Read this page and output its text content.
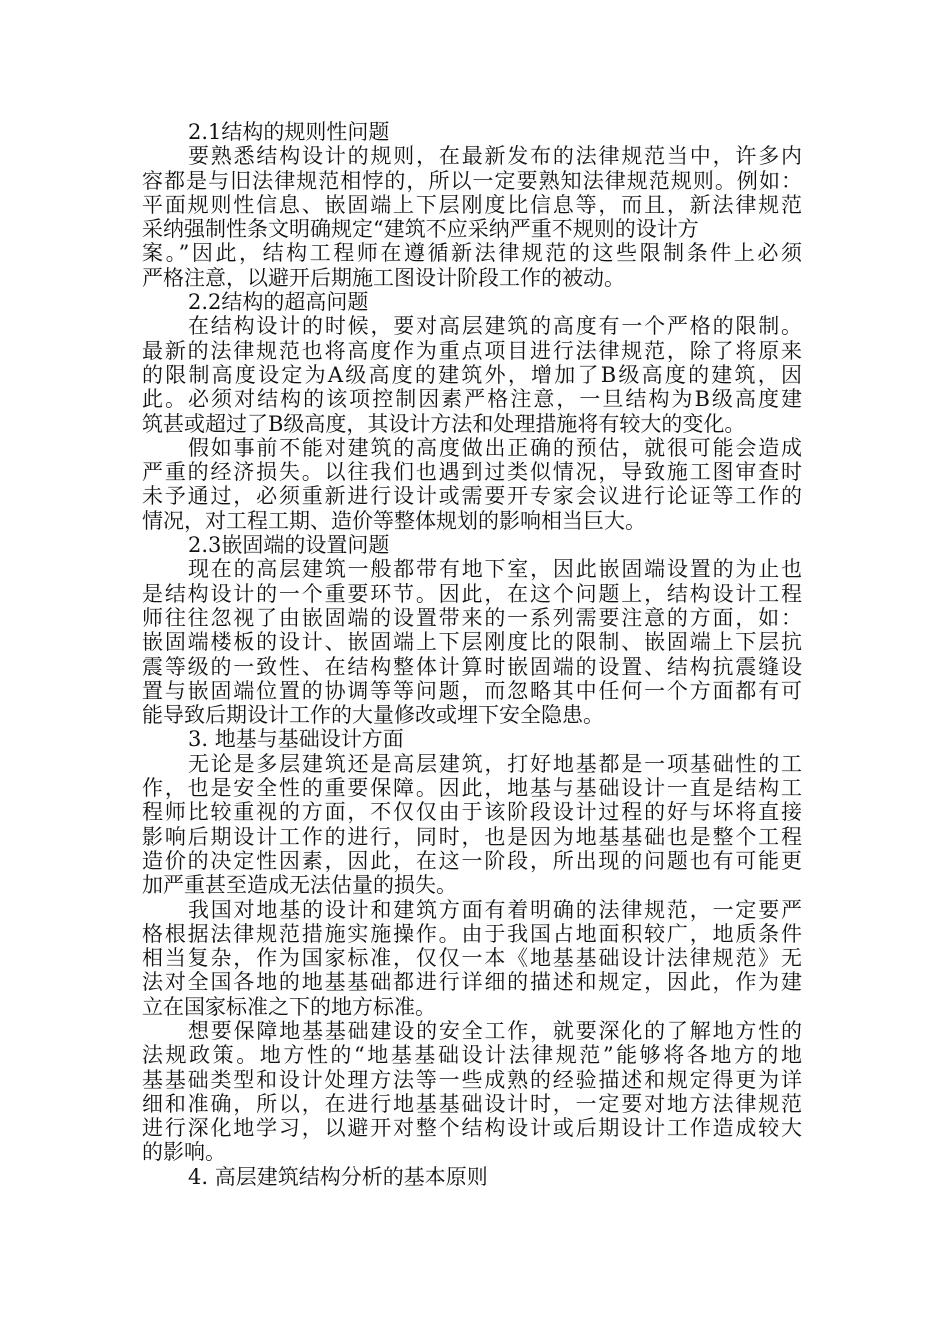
2.1结构的规则性问题
要熟悉结构设计的规则，在最新发布的法律规范当中，许多内
容都是与旧法律规范相悖的，所以一定要熟知法律规范规则。例如：
平面规则性信息、嵌固端上下层刚度比信息等，而且，新法律规范
采纳强制性条文明确规定“建筑不应采纳严重不规则的设计方
案。”因此，结构工程师在遵循新法律规范的这些限制条件上必须
严格注意，以避开后期施工图设计阶段工作的被动。
2.2结构的超高问题
在结构设计的时候，要对高层建筑的高度有一个严格的限制。
最新的法律规范也将高度作为重点项目进行法律规范，除了将原来
的限制高度设定为A级高度的建筑外，增加了B级高度的建筑，因
此。必须对结构的该项控制因素严格注意，一旦结构为B级高度建
筑甚或超过了B级高度，其设计方法和处理措施将有较大的变化。
假如事前不能对建筑的高度做出正确的预估，就很可能会造成
严重的经济损失。以往我们也遇到过类似情况，导致施工图审查时
未予通过，必须重新进行设计或需要开专家会议进行论证等工作的
情况，对工程工期、造价等整体规划的影响相当巨大。
2.3嵌固端的设置问题
现在的高层建筑一般都带有地下室，因此嵌固端设置的为止也
是结构设计的一个重要环节。因此，在这个问题上，结构设计工程
师往往忽视了由嵌固端的设置带来的一系列需要注意的方面，如：
嵌固端楼板的设计、嵌固端上下层刚度比的限制、嵌固端上下层抗
震等级的一致性、在结构整体计算时嵌固端的设置、结构抗震缝设
置与嵌固端位置的协调等等问题，而忽略其中任何一个方面都有可
能导致后期设计工作的大量修改或埋下安全隐患。
3. 地基与基础设计方面
无论是多层建筑还是高层建筑，打好地基都是一项基础性的工
作，也是安全性的重要保障。因此，地基与基础设计一直是结构工
程师比较重视的方面，不仅仅由于该阶段设计过程的好与坏将直接
影响后期设计工作的进行，同时，也是因为地基基础也是整个工程
造价的决定性因素，因此，在这一阶段，所出现的问题也有可能更
加严重甚至造成无法估量的损失。
我国对地基的设计和建筑方面有着明确的法律规范，一定要严
格根据法律规范措施实施操作。由于我国占地面积较广，地质条件
相当复杂，作为国家标准，仅仅一本《地基基础设计法律规范》无
法对全国各地的地基基础都进行详细的描述和规定，因此，作为建
立在国家标准之下的地方标准。
想要保障地基基础建设的安全工作，就要深化的了解地方性的
法规政策。地方性的“地基基础设计法律规范”能够将各地方的地
基基础类型和设计处理方法等一些成熟的经验描述和规定得更为详
细和准确，所以，在进行地基基础设计时，一定要对地方法律规范
进行深化地学习，以避开对整个结构设计或后期设计工作造成较大
的影响。
4. 高层建筑结构分析的基本原则
